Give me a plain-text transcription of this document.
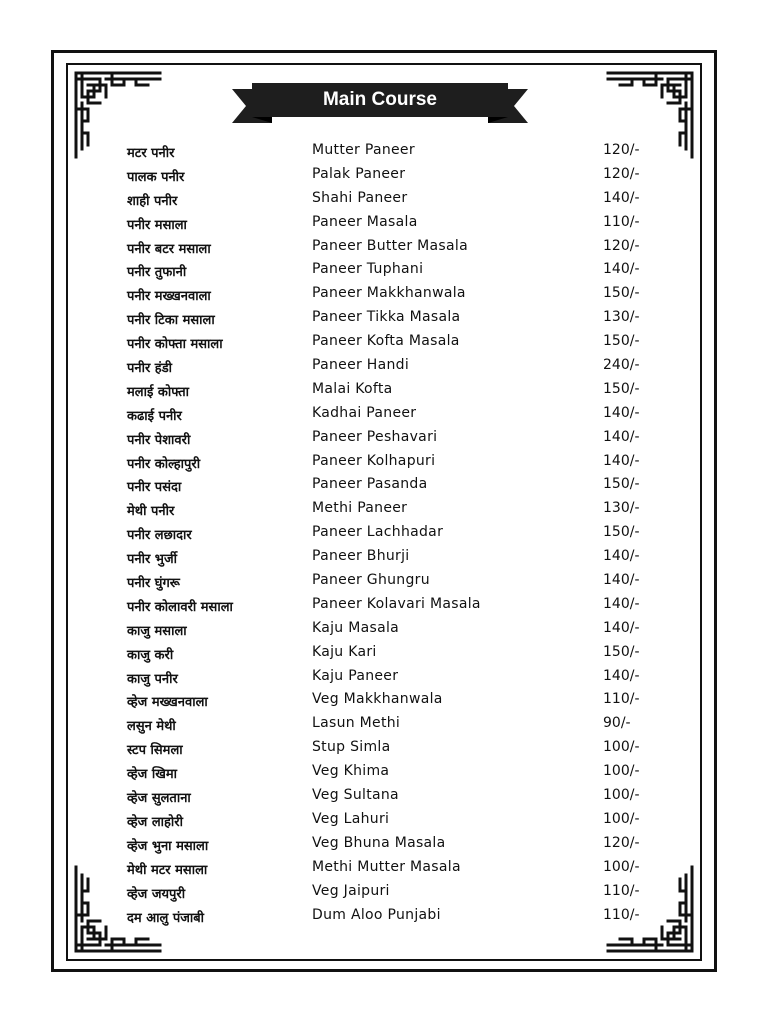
Main Course
मटर पनीर	Mutter Paneer	120/-
पालक पनीर	Palak Paneer	120/-
शाही पनीर	Shahi Paneer	140/-
पनीर मसाला	Paneer Masala	110/-
पनीर बटर मसाला	Paneer Butter Masala	120/-
पनीर तुफानी	Paneer Tuphani	140/-
पनीर मख्खनवाला	Paneer Makkhanwala	150/-
पनीर टिका मसाला	Paneer Tikka Masala	130/-
पनीर कोफ्ता मसाला	Paneer Kofta Masala	150/-
पनीर हंडी	Paneer Handi	240/-
मलाई कोफ्ता	Malai Kofta	150/-
कढाई पनीर	Kadhai Paneer	140/-
पनीर पेशावरी	Paneer Peshavari	140/-
पनीर कोल्हापुरी	Paneer Kolhapuri	140/-
पनीर पसंदा	Paneer Pasanda	150/-
मेथी पनीर	Methi Paneer	130/-
पनीर लछादार	Paneer Lachhadar	150/-
पनीर भुर्जी	Paneer Bhurji	140/-
पनीर घुंगरू	Paneer Ghungru	140/-
पनीर कोलावरी मसाला	Paneer Kolavari Masala	140/-
काजु मसाला	Kaju Masala	140/-
काजु करी	Kaju Kari	150/-
काजु पनीर	Kaju Paneer	140/-
व्हेज मख्खनवाला	Veg Makkhanwala	110/-
लसुन मेथी	Lasun Methi	90/-
स्टप सिमला	Stup Simla	100/-
व्हेज खिमा	Veg Khima	100/-
व्हेज सुलताना	Veg Sultana	100/-
व्हेज लाहोरी	Veg Lahuri	100/-
व्हेज भुना मसाला	Veg Bhuna Masala	120/-
मेथी मटर मसाला	Methi Mutter Masala	100/-
व्हेज जयपुरी	Veg Jaipuri	110/-
दम आलु पंजाबी	Dum Aloo Punjabi	110/-
